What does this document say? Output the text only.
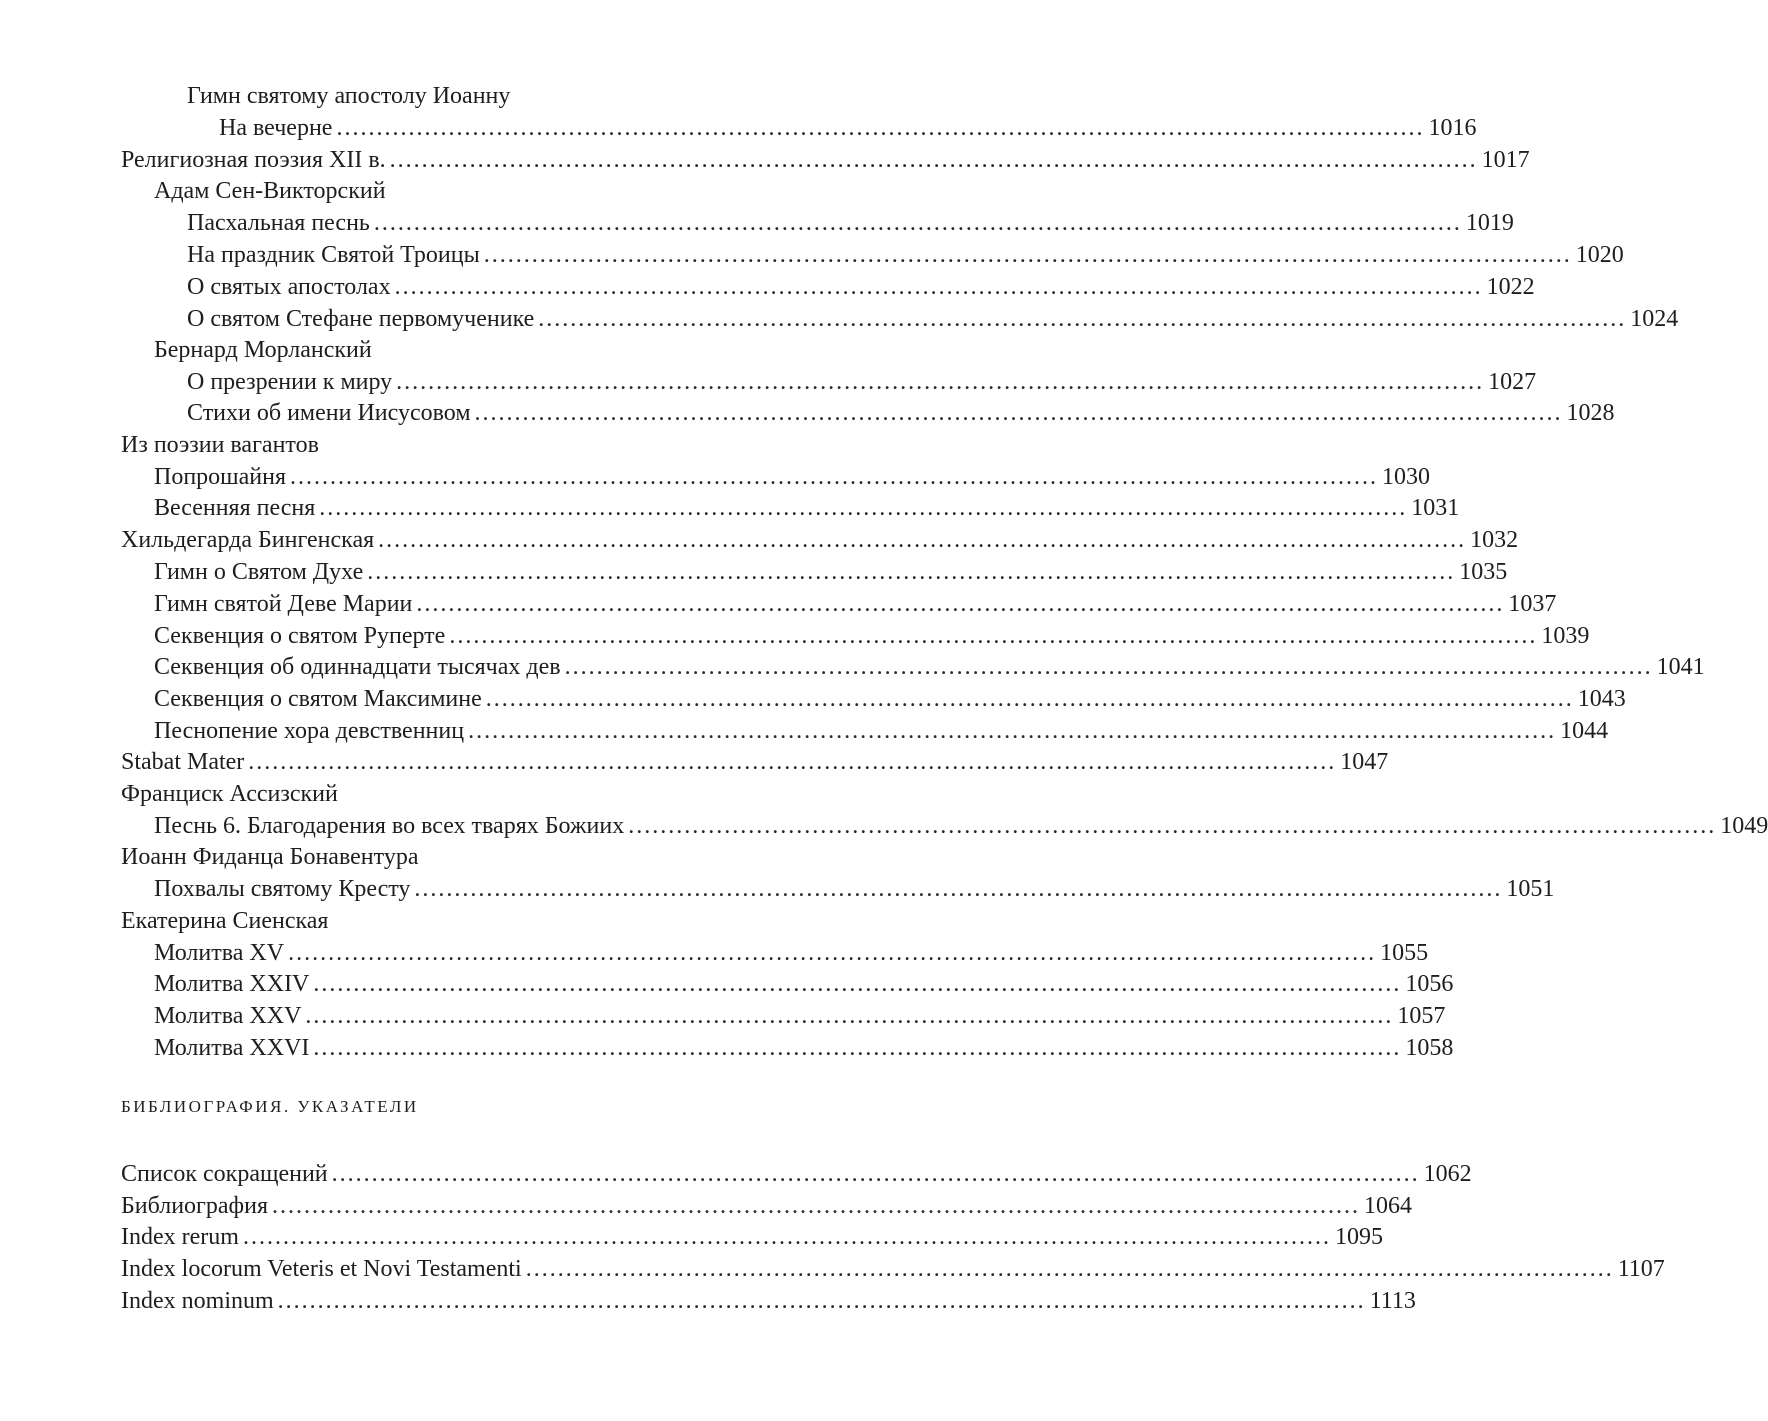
Гимн святому апостолу Иоанну
На вечерне ........................................................................................................................................ 1016
Религиозная поэзия XII в. ........................................................................................................................................ 1017
Адам Сен-Викторский
Пасхальная песнь ........................................................................................................................................ 1019
На праздник Святой Троицы ........................................................................................................................................ 1020
О святых апостолах ........................................................................................................................................ 1022
О святом Стефане первомученике ........................................................................................................................................ 1024
Бернард Морланский
О презрении к миру ........................................................................................................................................ 1027
Стихи об имени Иисусовом ........................................................................................................................................ 1028
Из поэзии вагантов
Попрошайня ........................................................................................................................................ 1030
Весенняя песня ........................................................................................................................................ 1031
Хильдегарда Бингенская ........................................................................................................................................ 1032
Гимн о Святом Духе ........................................................................................................................................ 1035
Гимн святой Деве Марии ........................................................................................................................................ 1037
Секвенция о святом Руперте ........................................................................................................................................ 1039
Секвенция об одиннадцати тысячах дев ........................................................................................................................................ 1041
Секвенция о святом Максимине ........................................................................................................................................ 1043
Песнопение хора девственниц ........................................................................................................................................ 1044
Stabat Mater ........................................................................................................................................ 1047
Франциск Ассизский
Песнь 6. Благодарения во всех тварях Божиих ........................................................................................................................................ 1049
Иоанн Фиданца Бонавентура
Похвалы святому Кресту ........................................................................................................................................ 1051
Екатерина Сиенская
Молитва XV ........................................................................................................................................ 1055
Молитва XXIV ........................................................................................................................................ 1056
Молитва XXV ........................................................................................................................................ 1057
Молитва XXVI ........................................................................................................................................ 1058
БИБЛИОГРАФИЯ. УКАЗАТЕЛИ
Список сокращений ........................................................................................................................................ 1062
Библиография ........................................................................................................................................ 1064
Index rerum ........................................................................................................................................ 1095
Index locorum Veteris et Novi Testamenti ........................................................................................................................................ 1107
Index nominum ........................................................................................................................................ 1113
